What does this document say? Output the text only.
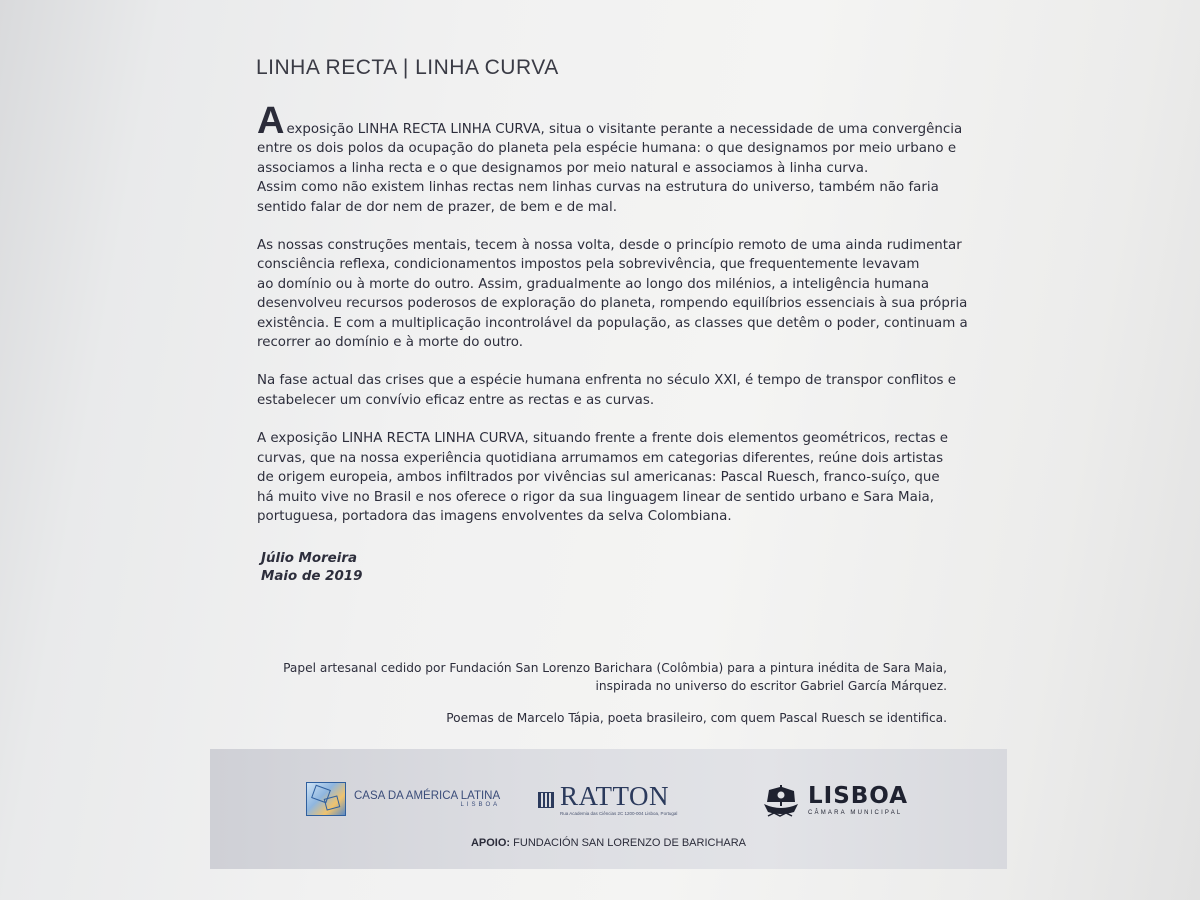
LINHA RECTA | LINHA CURVA

Aexposição LINHA RECTA LINHA CURVA, situa o visitante perante a necessidade de uma convergência

entre os dois polos da ocupação do planeta pela espécie humana: o que designamos por meio urbano e

associamos a linha recta e o que designamos por meio natural e associamos à linha curva.

Assim como não existem linhas rectas nem linhas curvas na estrutura do universo, também não faria

sentido falar de dor nem de prazer, de bem e de mal.

As nossas construções mentais, tecem à nossa volta, desde o princípio remoto de uma ainda rudimentar

consciência reflexa, condicionamentos impostos pela sobrevivência, que frequentemente levavam

ao domínio ou à morte do outro. Assim, gradualmente ao longo dos milénios, a inteligência humana

desenvolveu recursos poderosos de exploração do planeta, rompendo equilíbrios essenciais à sua própria

existência. E com a multiplicação incontrolável da população, as classes que detêm o poder, continuam a

recorrer ao domínio e à morte do outro.

Na fase actual das crises que a espécie humana enfrenta no século XXI, é tempo de transpor conflitos e

estabelecer um convívio eficaz entre as rectas e as curvas.

A exposição LINHA RECTA LINHA CURVA, situando frente a frente dois elementos geométricos, rectas e

curvas, que na nossa experiência quotidiana arrumamos em categorias diferentes, reúne dois artistas

de origem europeia, ambos infiltrados por vivências sul americanas: Pascal Ruesch, franco-suíço, que

há muito vive no Brasil e nos oferece o rigor da sua linguagem linear de sentido urbano e Sara Maia,

portuguesa, portadora das imagens envolventes da selva Colombiana.

Júlio Moreira
Maio de 2019
Papel artesanal cedido por Fundación San Lorenzo Barichara (Colômbia) para a pintura inédita de Sara Maia,
inspirada no universo do escritor Gabriel García Márquez.
Poemas de Marcelo Tápia, poeta brasileiro, com quem Pascal Ruesch se identifica.
CASA DA AMÉRICA LATINA
LISBOA RATTON
Rua Academia das Ciências 2C 1200-004 Lisboa, Portugal
LISBOA
CÂMARA MUNICIPAL
APOIO: FUNDACIÓN SAN LORENZO DE BARICHARA
